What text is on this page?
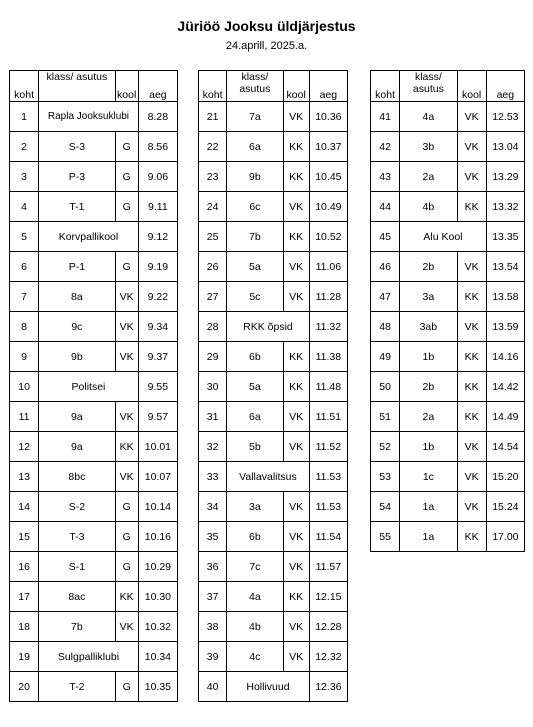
Jüriöö Jooksu üldjärjestus
24.aprill, 2025.a.
koht	klass/ asutus	kool	aeg
1	Rapla Jooksuklubi		8.28
2	S-3	G	8.56
3	P-3	G	9.06
4	T-1	G	9.11
5	Korvpallikool		9.12
6	P-1	G	9.19
7	8a	VK	9.22
8	9c	VK	9.34
9	9b	VK	9.37
10	Politsei		9.55
11	9a	VK	9.57
12	9a	KK	10.01
13	8bc	VK	10.07
14	S-2	G	10.14
15	T-3	G	10.16
16	S-1	G	10.29
17	8ac	KK	10.30
18	7b	VK	10.32
19	Sulgpalliklubi		10.34
20	T-2	G	10.35
koht	klass/ asutus	kool	aeg
21	7a	VK	10.36
22	6a	KK	10.37
23	9b	KK	10.45
24	6c	VK	10.49
25	7b	KK	10.52
26	5a	VK	11.06
27	5c	VK	11.28
28	RKK õpsid		11.32
29	6b	KK	11.38
30	5a	KK	11.48
31	6a	VK	11.51
32	5b	VK	11.52
33	Vallavalitsus		11.53
34	3a	VK	11.53
35	6b	VK	11.54
36	7c	VK	11.57
37	4a	KK	12.15
38	4b	VK	12.28
39	4c	VK	12.32
40	Hollivuud		12.36
koht	klass/ asutus	kool	aeg
41	4a	VK	12.53
42	3b	VK	13.04
43	2a	VK	13.29
44	4b	KK	13.32
45	Alu Kool		13.35
46	2b	VK	13.54
47	3a	KK	13.58
48	3ab	VK	13.59
49	1b	KK	14.16
50	2b	KK	14.42
51	2a	KK	14.49
52	1b	VK	14.54
53	1c	VK	15.20
54	1a	VK	15.24
55	1a	KK	17.00
